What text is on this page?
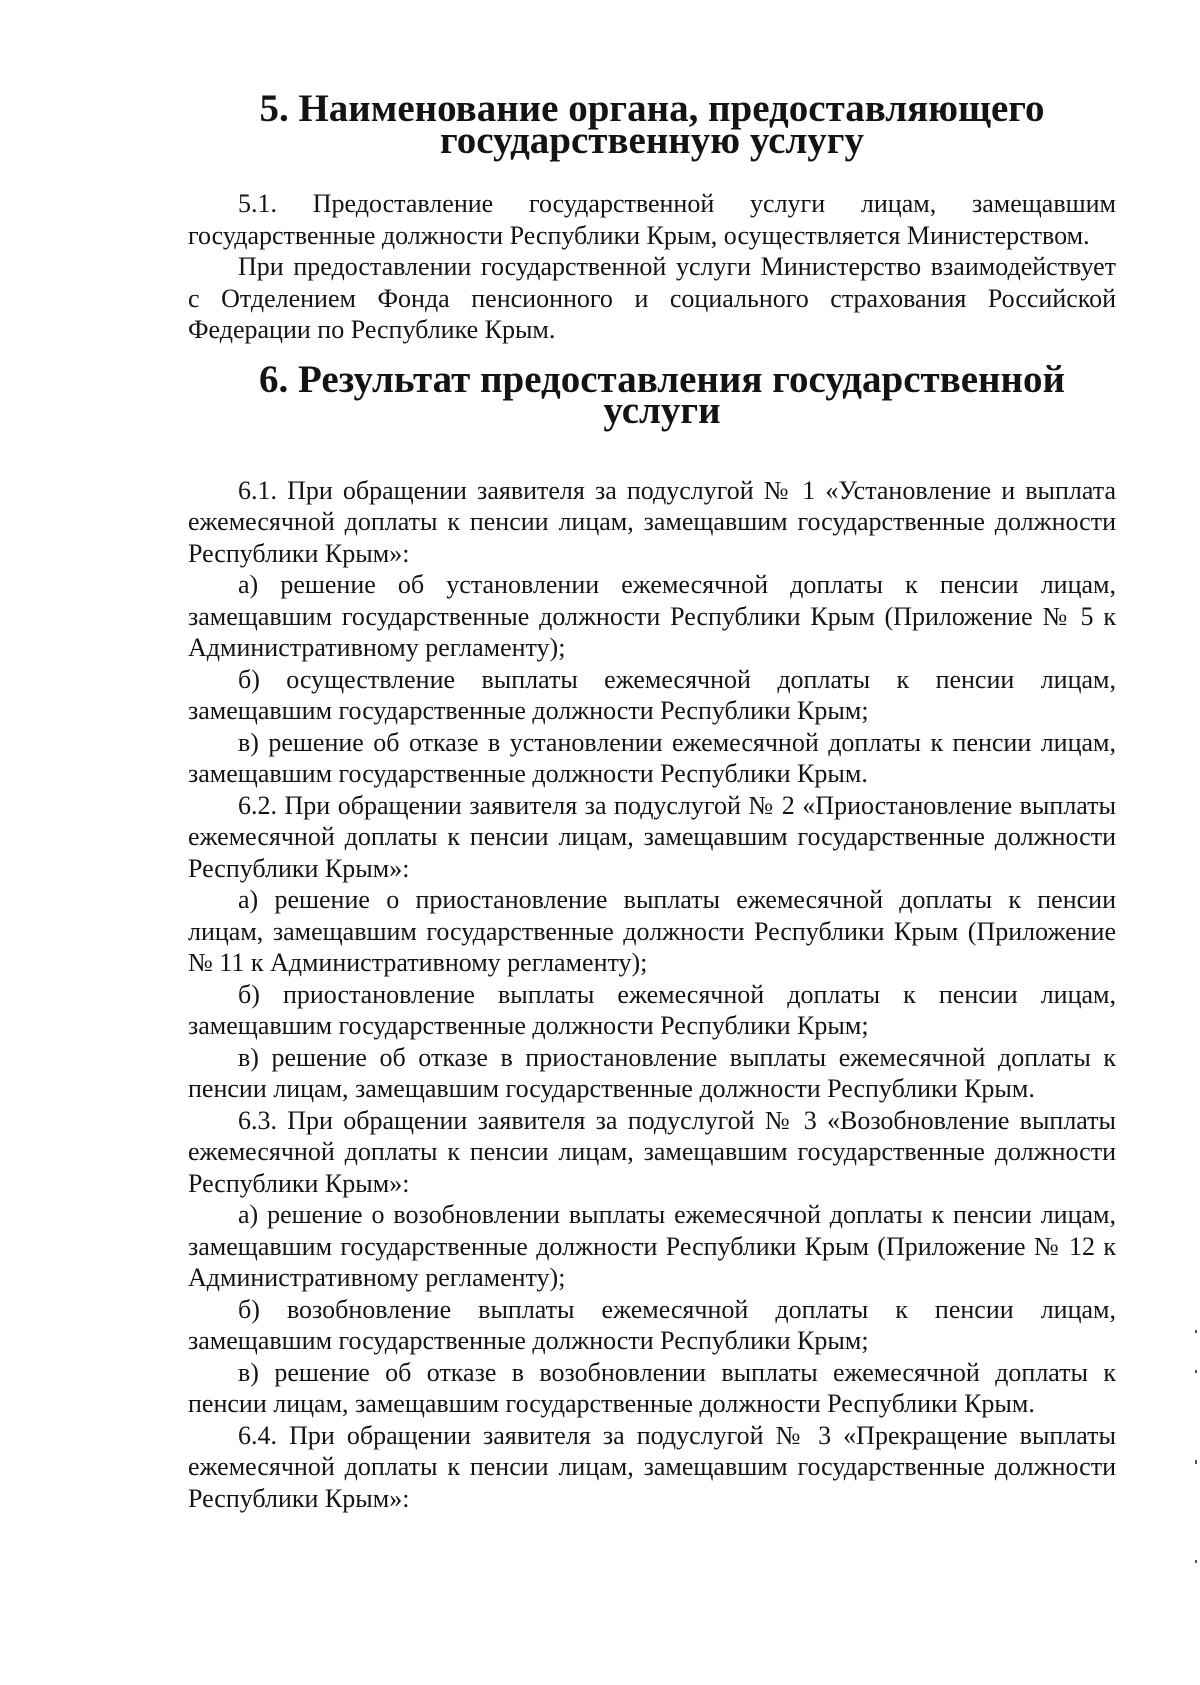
5. Наименование органа, предоставляющего
государственную услугу

5.1. Предоставление государственной услуги лицам, замещавшим государственные должности Республики Крым, осуществляется Министерством.

При предоставлении государственной услуги Министерство взаимодействует с Отделением Фонда пенсионного и социального страхования Российской Федерации по Республике Крым.

6. Результат предоставления государственной услуги

6.1. При обращении заявителя за подуслугой № 1 «Установление и выплата ежемесячной доплаты к пенсии лицам, замещавшим государственные должности Республики Крым»:

а) решение об установлении ежемесячной доплаты к пенсии лицам, замещавшим государственные должности Республики Крым (Приложение № 5 к Административному регламенту);

б) осуществление выплаты ежемесячной доплаты к пенсии лицам, замещавшим государственные должности Республики Крым;

в) решение об отказе в установлении ежемесячной доплаты к пенсии лицам, замещавшим государственные должности Республики Крым.

6.2. При обращении заявителя за подуслугой № 2 «Приостановление выплаты ежемесячной доплаты к пенсии лицам, замещавшим государственные должности Республики Крым»:

а) решение о приостановление выплаты ежемесячной доплаты к пенсии лицам, замещавшим государственные должности Республики Крым (Приложение № 11 к Административному регламенту);

б) приостановление выплаты ежемесячной доплаты к пенсии лицам, замещавшим государственные должности Республики Крым;

в) решение об отказе в приостановление выплаты ежемесячной доплаты к пенсии лицам, замещавшим государственные должности Республики Крым.

6.3. При обращении заявителя за подуслугой № 3 «Возобновление выплаты ежемесячной доплаты к пенсии лицам, замещавшим государственные должности Республики Крым»:

а) решение о возобновлении выплаты ежемесячной доплаты к пенсии лицам, замещавшим государственные должности Республики Крым (Приложение № 12 к Административному регламенту);

б) возобновление выплаты ежемесячной доплаты к пенсии лицам, замещавшим государственные должности Республики Крым;

в) решение об отказе в возобновлении выплаты ежемесячной доплаты к пенсии лицам, замещавшим государственные должности Республики Крым.

6.4. При обращении заявителя за подуслугой № 3 «Прекращение выплаты ежемесячной доплаты к пенсии лицам, замещавшим государственные должности Республики Крым»:
